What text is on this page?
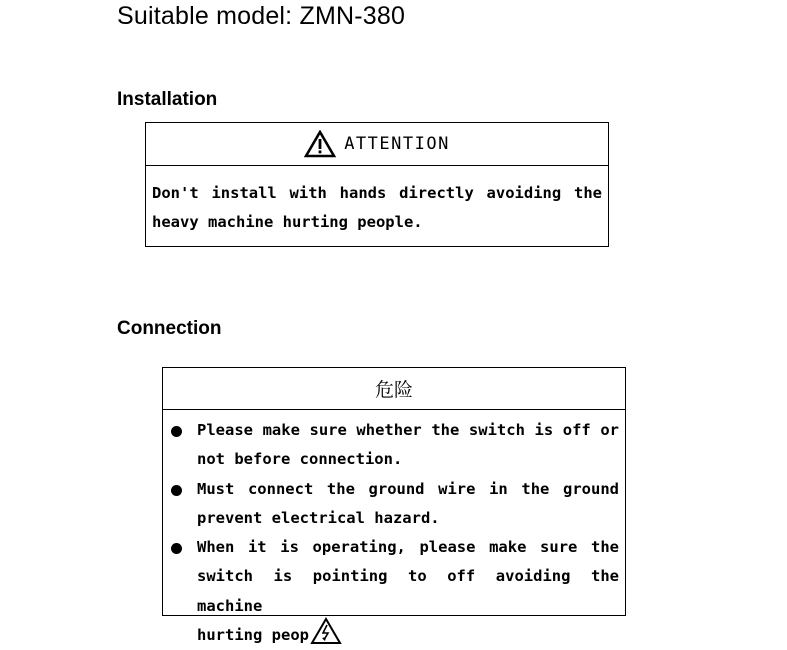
Suitable model: ZMN-380
Installation
ATTENTION
Don't install with hands directly avoiding the
heavy machine hurting people.
Connection
危险
Please make sure whether the switch is off or
not before connection.
Must connect the ground wire in the ground
prevent electrical hazard.
When it is operating, please make sure the
switch is pointing to off avoiding the machine
hurting peop
